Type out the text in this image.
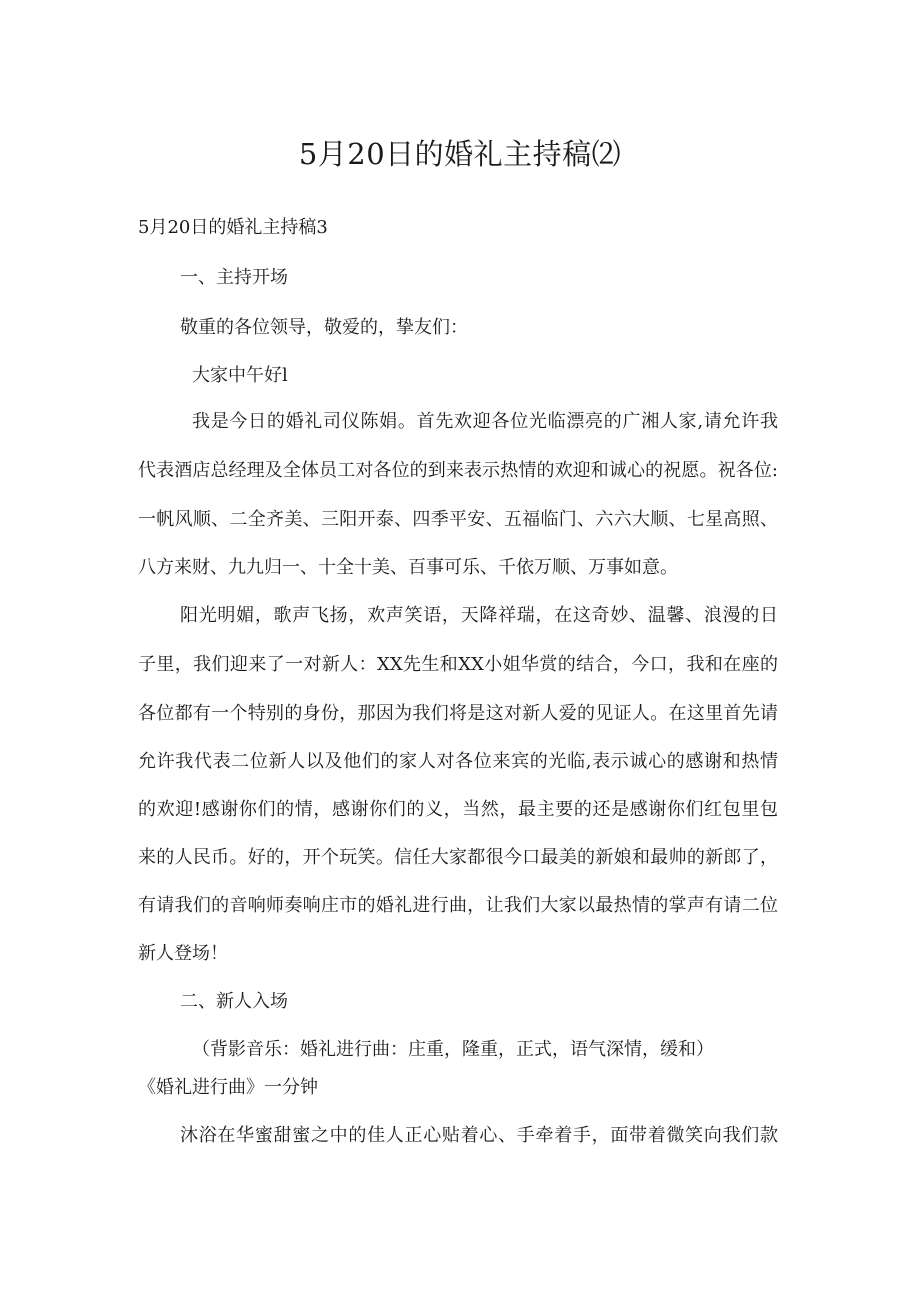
5月20日的婚礼主持稿⑵
5月20日的婚礼主持稿3
一、主持开场
敬重的各位领导，敬爱的，挚友们：
大家中午好l
我是今日的婚礼司仪陈娟。首先欢迎各位光临漂亮的广湘人家,请允许我
代表酒店总经理及全体员工对各位的到来表示热情的欢迎和诚心的祝愿。祝各位:
一帆风顺、二全齐美、三阳开泰、四季平安、五福临门、六六大顺、七星高照、
八方来财、九九归一、十全十美、百事可乐、千依万顺、万事如意。
阳光明媚，歌声飞扬，欢声笑语，天降祥瑞，在这奇妙、温馨、浪漫的日
子里，我们迎来了一对新人：XX先生和XX小姐华赏的结合，今口，我和在座的
各位都有一个特别的身份，那因为我们将是这对新人爱的见证人。在这里首先请
允许我代表二位新人以及他们的家人对各位来宾的光临,表示诚心的感谢和热情
的欢迎!感谢你们的情，感谢你们的义，当然，最主要的还是感谢你们红包里包
来的人民币。好的，开个玩笑。信任大家都很今口最美的新娘和最帅的新郎了，
有请我们的音响师奏响庄市的婚礼进行曲，让我们大家以最热情的掌声有请二位
新人登场！
二、新人入场
（背影音乐：婚礼进行曲：庄重，隆重，正式，语气深情，缓和）
《婚礼进行曲》一分钟
沐浴在华蜜甜蜜之中的佳人正心贴着心、手牵着手，面带着微笑向我们款
